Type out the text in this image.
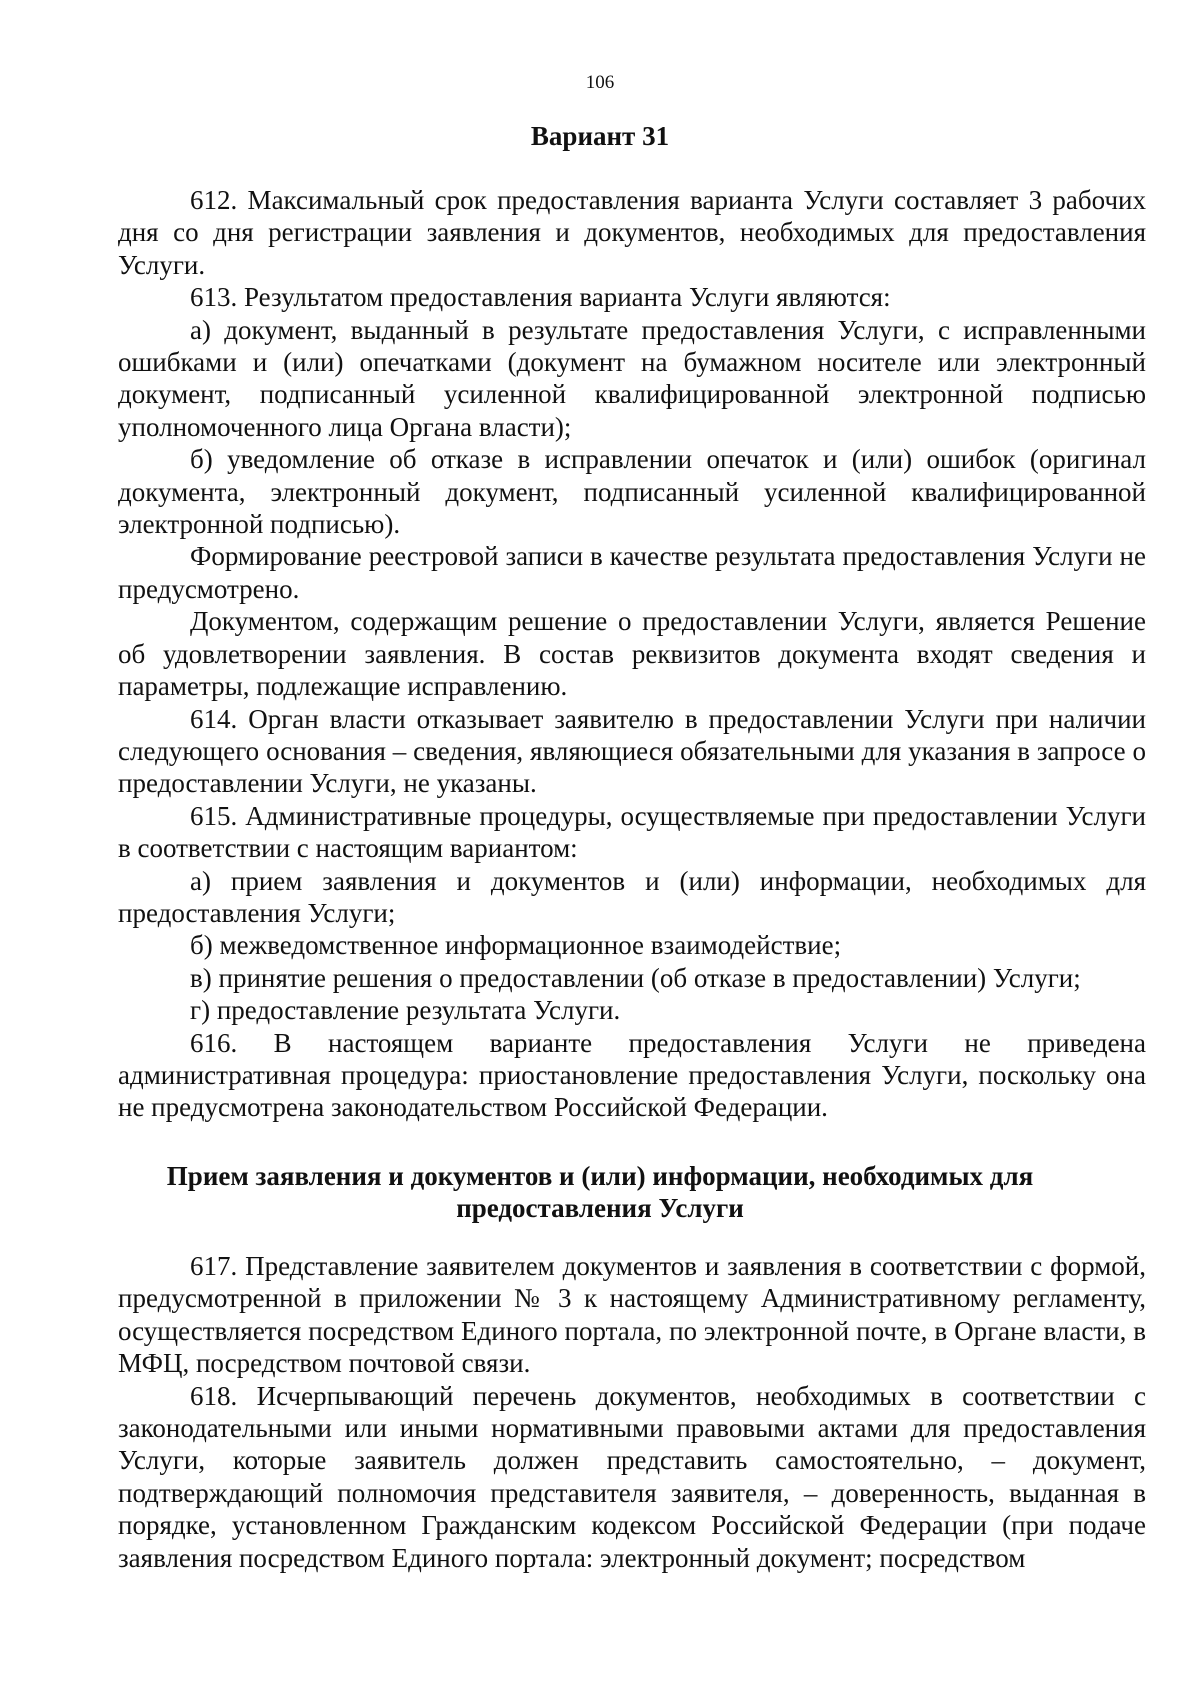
106
Вариант 31

612. Максимальный срок предоставления варианта Услуги составляет 3 рабочих дня со дня регистрации заявления и документов, необходимых для предоставления Услуги.

613. Результатом предоставления варианта Услуги являются:

а) документ, выданный в результате предоставления Услуги, с исправленными ошибками и (или) опечатками (документ на бумажном носителе или электронный документ, подписанный усиленной квалифицированной электронной подписью уполномоченного лица Органа власти);

б) уведомление об отказе в исправлении опечаток и (или) ошибок (оригинал документа, электронный документ, подписанный усиленной квалифицированной электронной подписью).

Формирование реестровой записи в качестве результата предоставления Услуги не предусмотрено.

Документом, содержащим решение о предоставлении Услуги, является Решение об удовлетворении заявления. В состав реквизитов документа входят сведения и параметры, подлежащие исправлению.

614. Орган власти отказывает заявителю в предоставлении Услуги при наличии следующего основания – сведения, являющиеся обязательными для указания в запросе о предоставлении Услуги, не указаны.

615. Административные процедуры, осуществляемые при предоставлении Услуги в соответствии с настоящим вариантом:

а) прием заявления и документов и (или) информации, необходимых для предоставления Услуги;

б) межведомственное информационное взаимодействие;

в) принятие решения о предоставлении (об отказе в предоставлении) Услуги;

г) предоставление результата Услуги.

616. В настоящем варианте предоставления Услуги не приведена административная процедура: приостановление предоставления Услуги, поскольку она не предусмотрена законодательством Российской Федерации.

Прием заявления и документов и (или) информации, необходимых для
предоставления Услуги

617. Представление заявителем документов и заявления в соответствии с формой, предусмотренной в приложении № 3 к настоящему Административному регламенту, осуществляется посредством Единого портала, по электронной почте, в Органе власти, в МФЦ, посредством почтовой связи.

618. Исчерпывающий перечень документов, необходимых в соответствии с законодательными или иными нормативными правовыми актами для предоставления Услуги, которые заявитель должен представить самостоятельно, – документ, подтверждающий полномочия представителя заявителя, – доверенность, выданная в порядке, установленном Гражданским кодексом Российской Федерации (при подаче заявления посредством Единого портала: электронный документ; посредством
